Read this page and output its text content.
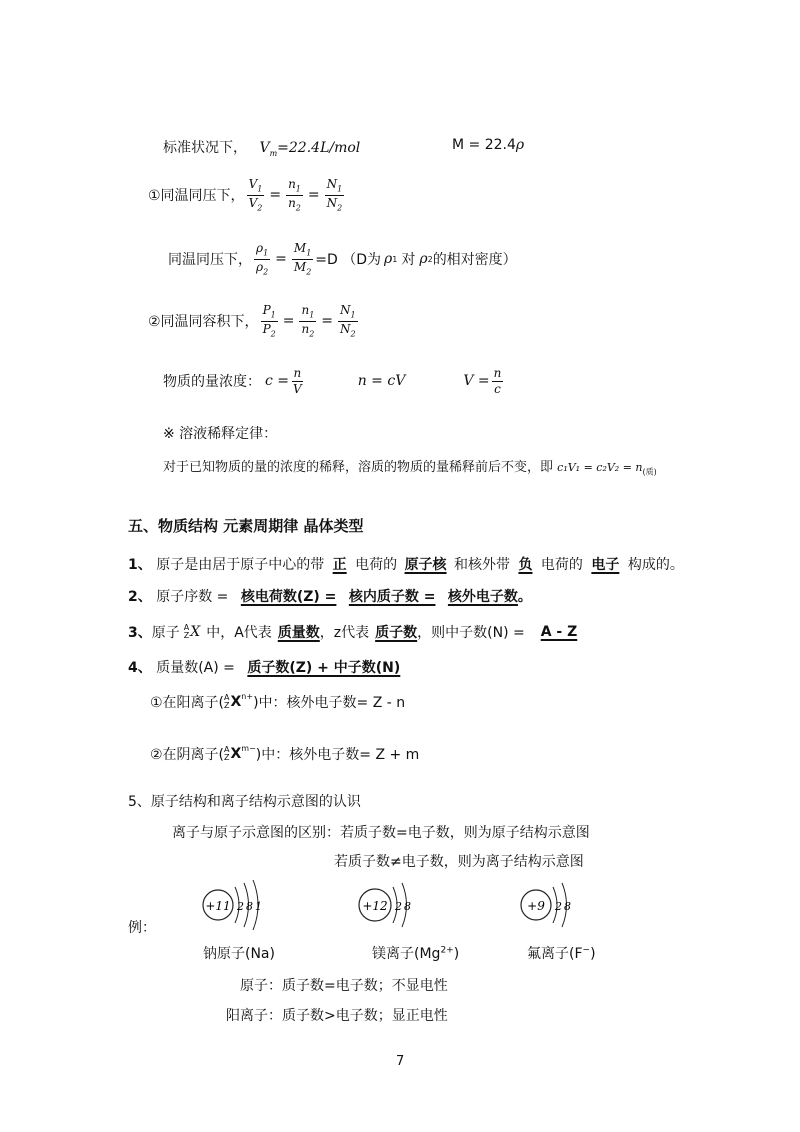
标准状况下， $V_m=22.4L$/mol	M = 22.4ρ
①同温同压下， $\frac{V_1}{V_2} = \frac{n_1}{n_2} = \frac{N_1}{N_2}$
同温同压下， $\frac{\rho_1}{\rho_2} = \frac{M_1}{M_2} =D$ （D为 ρ 1 对 ρ 2 的相对密度）
②同温同容积下， $\frac{P_1}{P_2} = \frac{n_1}{n_2} = \frac{N_1}{N_2}$
物质的量浓度： $c = \frac{n}{V}$	n = cV	$V = \frac{n}{c}$
※ 溶液稀释定律：
对于已知物质的量的浓度的稀释，溶质的物质的量稀释前后不变，即 $c_1V_1 = c_2V_2 = n_{(质)}$
五、物质结构 元素周期律 晶体类型
1、 原子是由居于原子中心的带 正 电荷的 原子核 和核外带 负 电荷的 电子 构成的。
2、 原子序数 = 核电荷数(Z) = 核内质子数 = 核外电子数。
3、 原子 A
Z X 中，A代表 质量数 ，z代表 质子数 ，则中子数(N) =	A - Z
4、 质量数(A) = 质子数(Z) + 中子数(N)
①在阳离子( A
Z $X^{n+}$ )中：核外电子数= Z - n
②在阴离子( A
Z $X^{m-}$ )中：核外电子数= Z + m
5、原子结构和离子结构示意图的认识
离子与原子示意图的区别：若质子数=电子数，则为原子结构示意图
若质子数≠电子数，则为离子结构示意图
例：
+11 2 8 1	+12 2 8	+9 2 8
钠原子(Na)	镁离子$(Mg^{2+})$	氟离子(F−)
原子：质子数=电子数；不显电性
阳离子：质子数>电子数；显正电性
7
